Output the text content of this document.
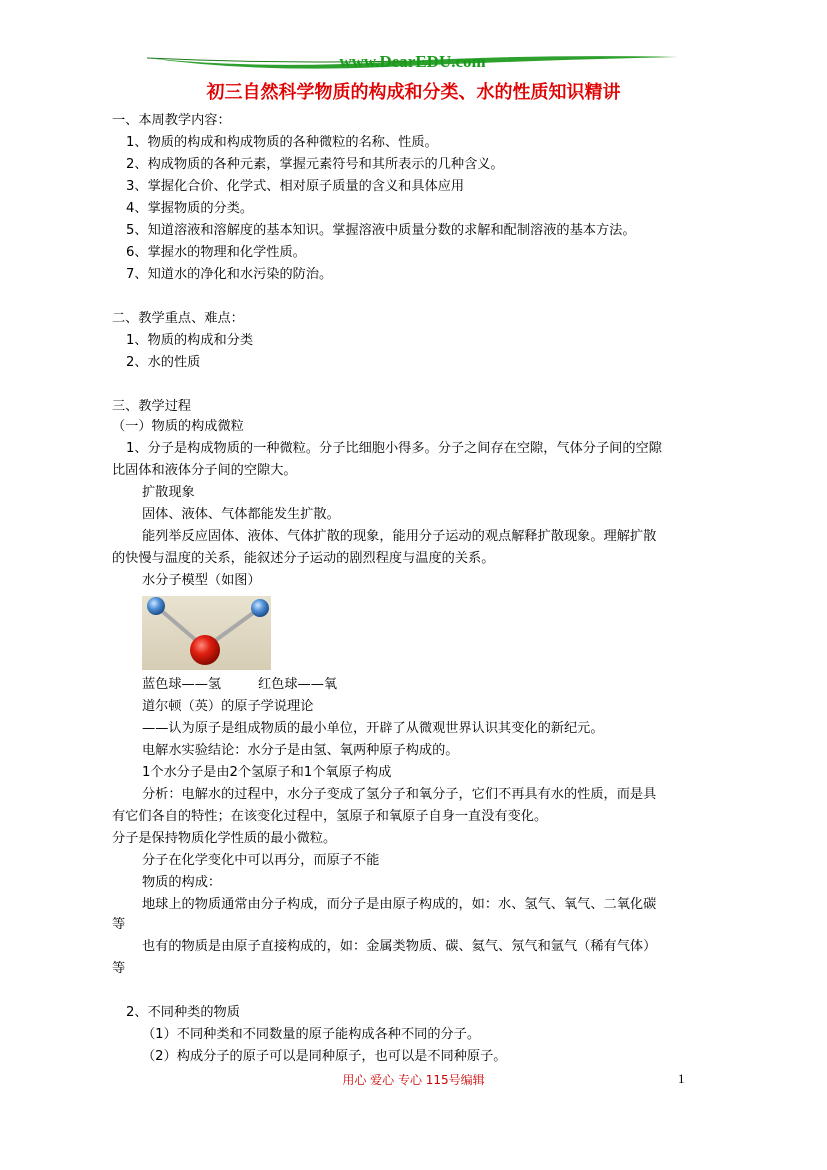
www.DearEDU.com
初三自然科学物质的构成和分类、水的性质知识精讲
一、本周教学内容：
1、物质的构成和构成物质的各种微粒的名称、性质。
2、构成物质的各种元素，掌握元素符号和其所表示的几种含义。
3、掌握化合价、化学式、相对原子质量的含义和具体应用
4、掌握物质的分类。
5、知道溶液和溶解度的基本知识。掌握溶液中质量分数的求解和配制溶液的基本方法。
6、掌握水的物理和化学性质。
7、知道水的净化和水污染的防治。
二、教学重点、难点：
1、物质的构成和分类
2、水的性质
三、教学过程
（一）物质的构成微粒
1、分子是构成物质的一种微粒。分子比细胞小得多。分子之间存在空隙，气体分子间的空隙
比固体和液体分子间的空隙大。
扩散现象
固体、液体、气体都能发生扩散。
能列举反应固体、液体、气体扩散的现象，能用分子运动的观点解释扩散现象。理解扩散
的快慢与温度的关系，能叙述分子运动的剧烈程度与温度的关系。
水分子模型（如图）
蓝色球——氢	红色球——氧
道尔顿（英）的原子学说理论
——认为原子是组成物质的最小单位，开辟了从微观世界认识其变化的新纪元。
电解水实验结论：水分子是由氢、氧两种原子构成的。
1个水分子是由2个氢原子和1个氧原子构成
分析：电解水的过程中，水分子变成了氢分子和氧分子，它们不再具有水的性质，而是具
有它们各自的特性；在该变化过程中，氢原子和氧原子自身一直没有变化。
分子是保持物质化学性质的最小微粒。
分子在化学变化中可以再分，而原子不能
物质的构成：
地球上的物质通常由分子构成，而分子是由原子构成的，如：水、氢气、氧气、二氧化碳
等
也有的物质是由原子直接构成的，如：金属类物质、碳、氦气、氖气和氩气（稀有气体）
等
2、不同种类的物质
（1）不同种类和不同数量的原子能构成各种不同的分子。
（2）构成分子的原子可以是同种原子，也可以是不同种原子。
用心 爱心 专心 115号编辑	1
